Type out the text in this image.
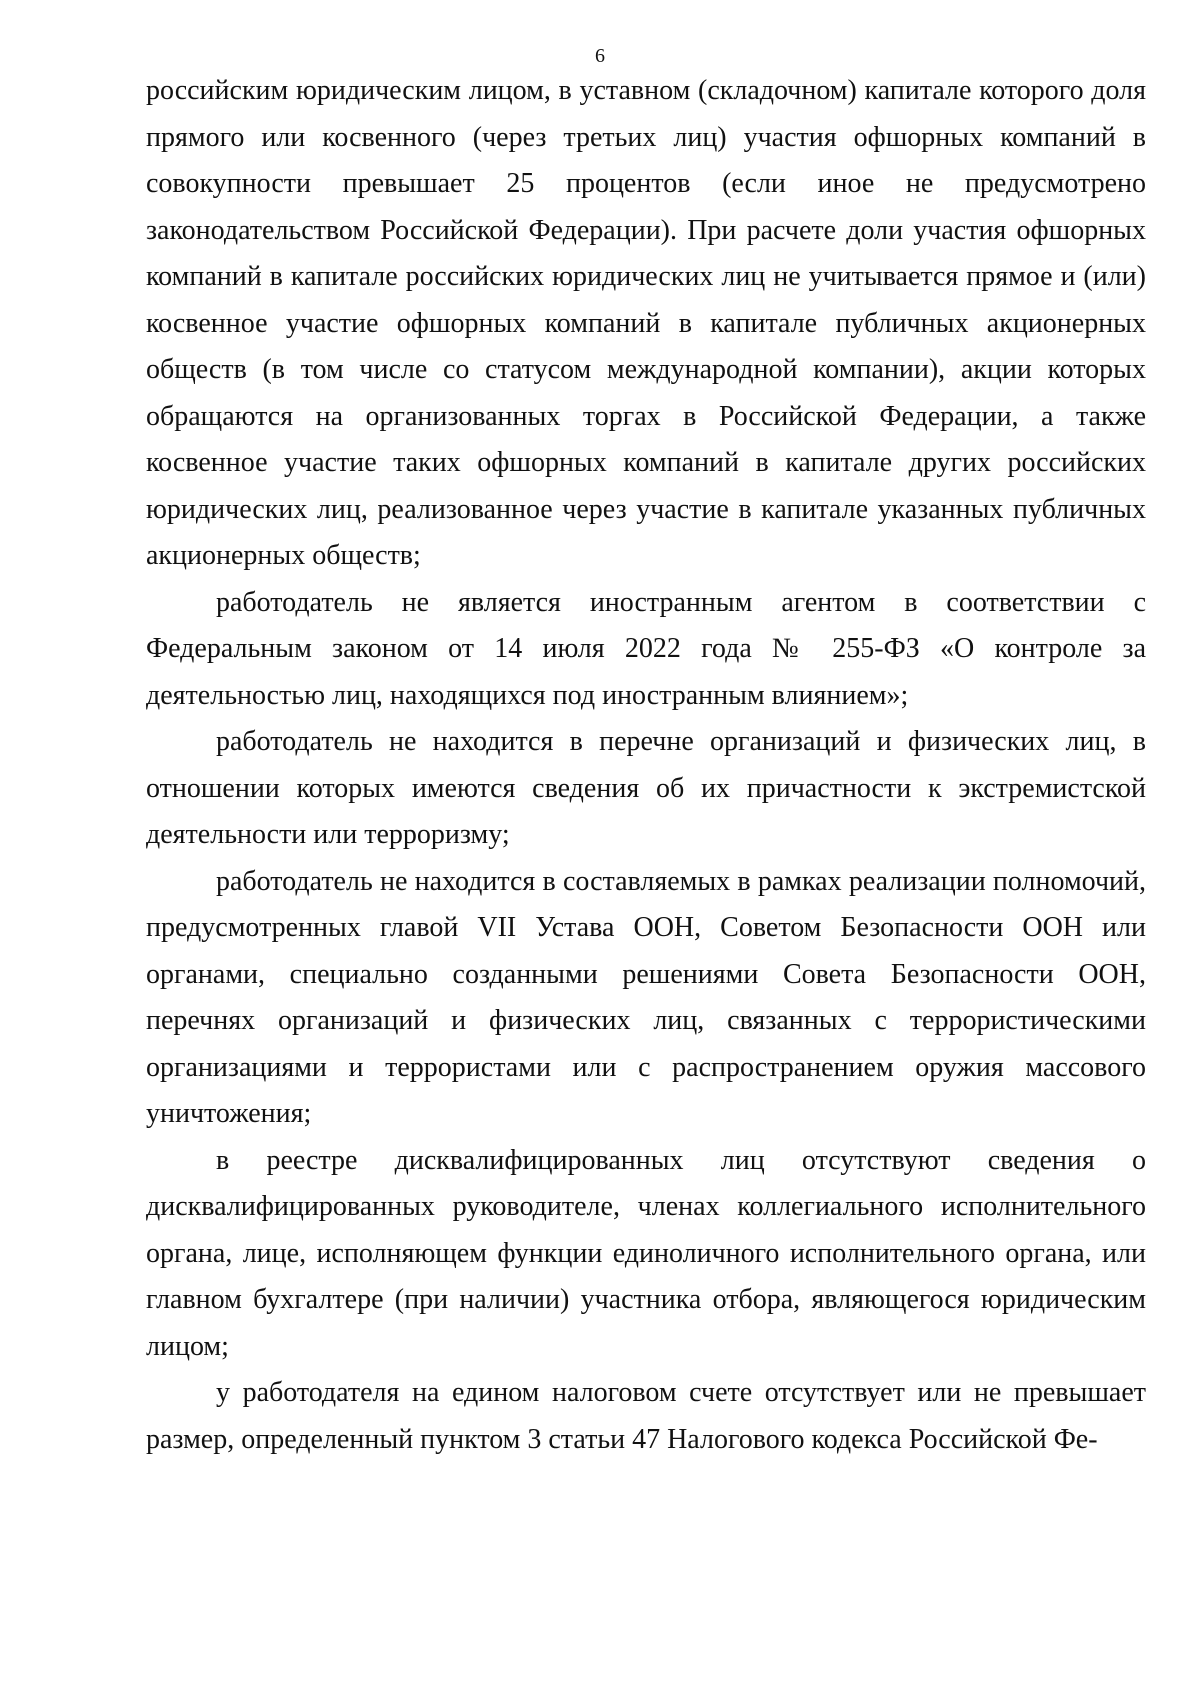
6

российским юридическим лицом, в уставном (складочном) капитале которого доля прямого или косвенного (через третьих лиц) участия офшорных компаний в совокупности превышает 25 процентов (если иное не предусмотрено законодательством Российской Федерации). При расчете доли участия офшорных компаний в капитале российских юридических лиц не учитывается прямое и (или) косвенное участие офшорных компаний в капитале публичных акционерных обществ (в том числе со статусом международной компании), акции которых обращаются на организованных торгах в Российской Федерации, а также косвенное участие таких офшорных компаний в капитале других российских юридических лиц, реализованное через участие в капитале указанных публичных акционерных обществ;

работодатель не является иностранным агентом в соответствии с Федеральным законом от 14 июля 2022 года № 255-ФЗ «О контроле за деятельностью лиц, находящихся под иностранным влиянием»;

работодатель не находится в перечне организаций и физических лиц, в отношении которых имеются сведения об их причастности к экстремистской деятельности или терроризму;

работодатель не находится в составляемых в рамках реализации полномочий, предусмотренных главой VII Устава ООН, Советом Безопасности ООН или органами, специально созданными решениями Совета Безопасности ООН, перечнях организаций и физических лиц, связанных с террористическими организациями и террористами или с распространением оружия массового уничтожения;

в реестре дисквалифицированных лиц отсутствуют сведения о дисквалифицированных руководителе, членах коллегиального исполнительного органа, лице, исполняющем функции единоличного исполнительного органа, или главном бухгалтере (при наличии) участника отбора, являющегося юридическим лицом;

у работодателя на едином налоговом счете отсутствует или не превышает размер, определенный пунктом 3 статьи 47 Налогового кодекса Российской Фе-
